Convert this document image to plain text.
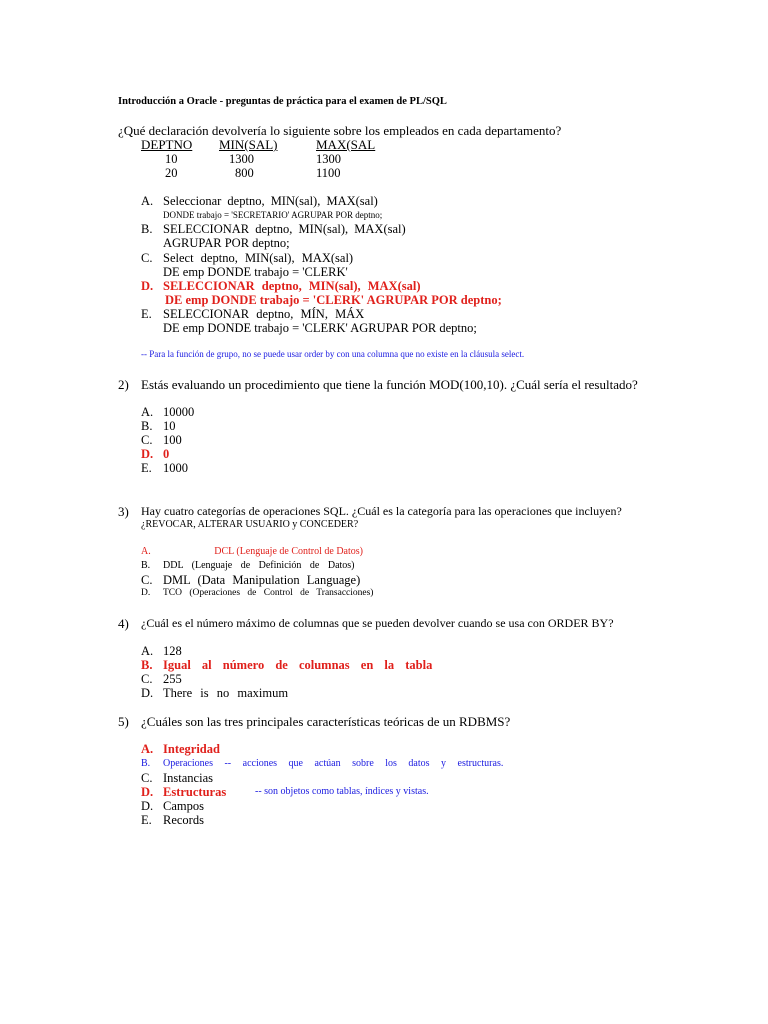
Introducción a Oracle - preguntas de práctica para el examen de PL/SQL
¿Qué declaración devolvería lo siguiente sobre los empleados en cada departamento?
DEPTNO MIN(SAL)	MAX(SAL
10	1300	1300
20	800	1100
A. Seleccionar deptno, MIN(sal), MAX(sal)
DONDE trabajo = 'SECRETARIO' AGRUPAR POR deptno;
B. SELECCIONAR deptno, MIN(sal), MAX(sal)
AGRUPAR POR deptno;
C. Select deptno, MIN(sal), MAX(sal)
DE emp DONDE trabajo = 'CLERK'
D. SELECCIONAR deptno, MIN(sal), MAX(sal)
DE emp DONDE trabajo = 'CLERK' AGRUPAR POR deptno;
E. SELECCIONAR deptno, MÍN, MÁX
DE emp DONDE trabajo = 'CLERK' AGRUPAR POR deptno;
-- Para la función de grupo, no se puede usar order by con una columna que no existe en la cláusula select.
2) Estás evaluando un procedimiento que tiene la función MOD(100,10). ¿Cuál sería el resultado?
A. 10000
B. 10
C. 100
D. 0
E. 1000
3) Hay cuatro categorías de operaciones SQL. ¿Cuál es la categoría para las operaciones que incluyen?
¿REVOCAR, ALTERAR USUARIO y CONCEDER?
A.	DCL (Lenguaje de Control de Datos)
B. DDL (Lenguaje de Definición de Datos)
C. DML (Data Manipulation Language)
D. TCO (Operaciones de Control de Transacciones)
4) ¿Cuál es el número máximo de columnas que se pueden devolver cuando se usa con ORDER BY?
A. 128
B. Igual al número de columnas en la tabla
C. 255
D. There is no maximum
5) ¿Cuáles son las tres principales características teóricas de un RDBMS?
A. Integridad
B. Operaciones -- acciones que actúan sobre los datos y estructuras.
C. Instancias
D. Estructuras	-- son objetos como tablas, índices y vistas.
D. Campos
E. Records
